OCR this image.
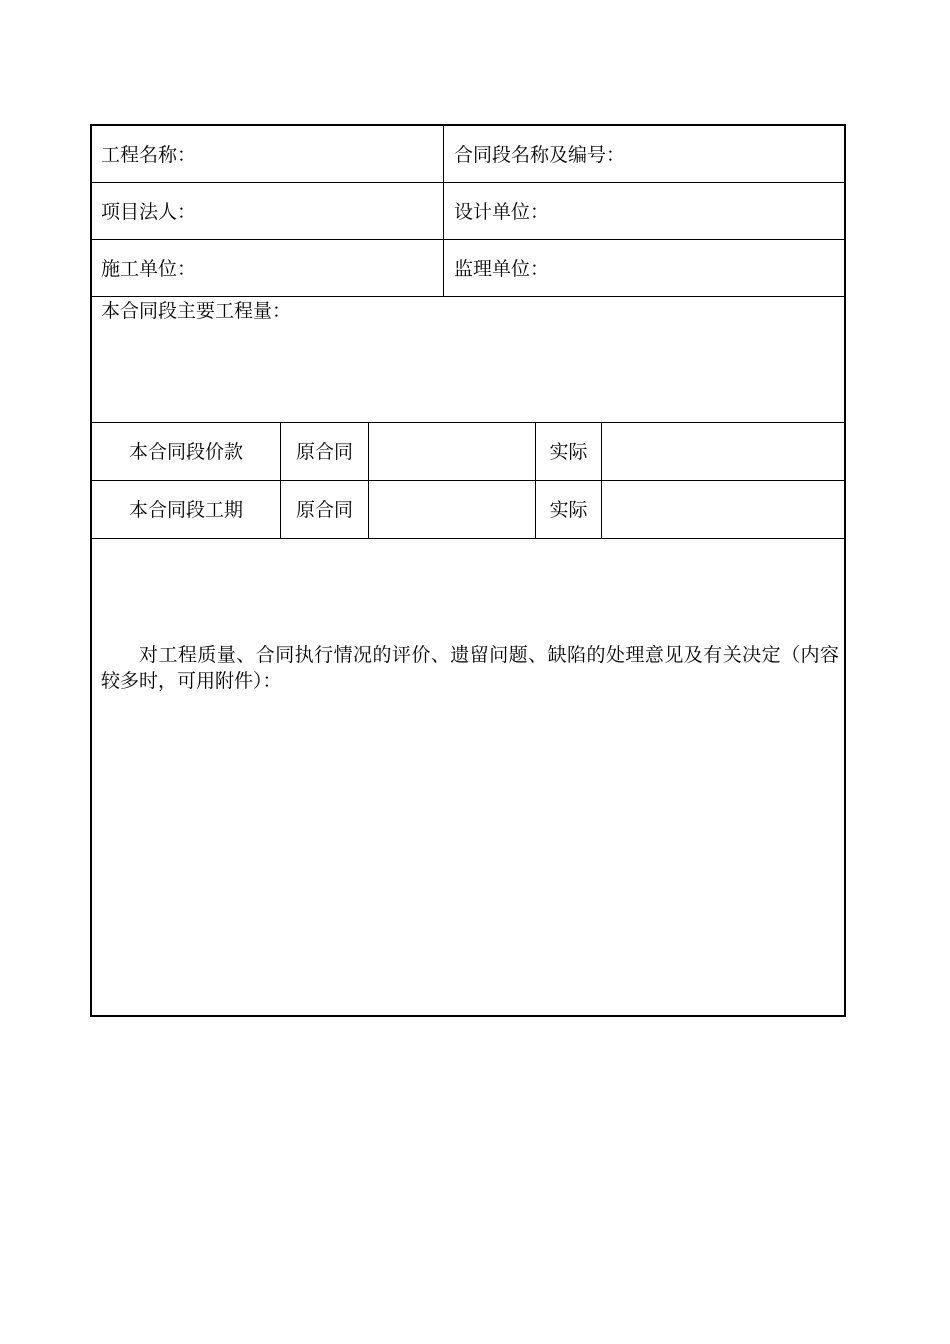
工程名称：	合同段名称及编号：
项目法人：	设计单位：
施工单位：	监理单位：
本合同段主要工程量：
本合同段价款	原合同	实际
本合同段工期	原合同	实际
对工程质量、合同执行情况的评价、遗留问题、缺陷的处理意见及有关决定（内容较多时，可用附件）：
